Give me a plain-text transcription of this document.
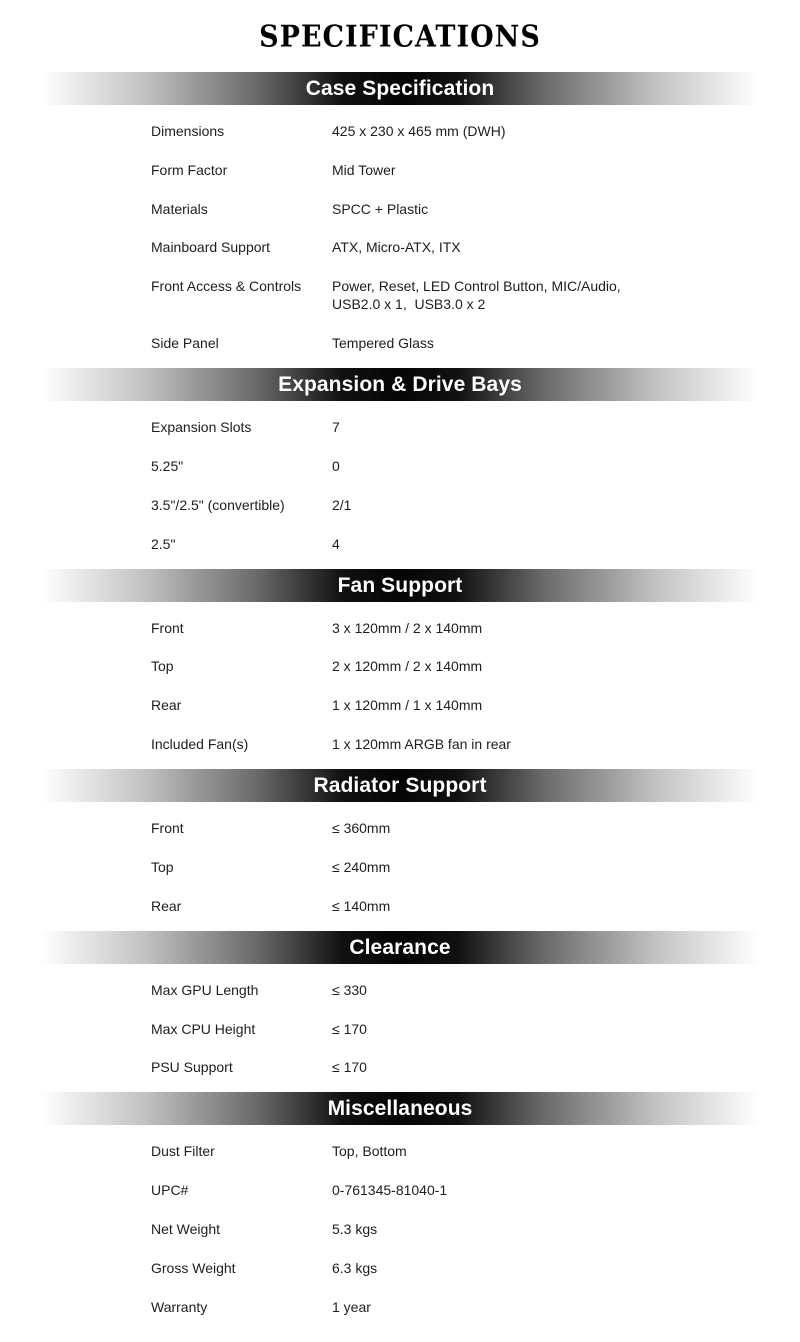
SPECIFICATIONS
Case Specification
Dimensions	425 x 230 x 465 mm (DWH)
Form Factor	Mid Tower
Materials	SPCC + Plastic
Mainboard Support	ATX, Micro-ATX, ITX
Front Access & Controls	Power, Reset, LED Control Button, MIC/Audio,
USB2.0 x 1,  USB3.0 x 2
Side Panel	Tempered Glass
Expansion & Drive Bays
Expansion Slots	7
5.25"	0
3.5"/2.5" (convertible)	2/1
2.5"	4
Fan Support
Front	3 x 120mm / 2 x 140mm
Top	2 x 120mm / 2 x 140mm
Rear	1 x 120mm / 1 x 140mm
Included Fan(s)	1 x 120mm ARGB fan in rear
Radiator Support
Front	≤ 360mm
Top	≤ 240mm
Rear	≤ 140mm
Clearance
Max GPU Length	≤ 330
Max CPU Height	≤ 170
PSU Support	≤ 170
Miscellaneous
Dust Filter	Top, Bottom
UPC#	0-761345-81040-1
Net Weight	5.3 kgs
Gross Weight	6.3 kgs
Warranty	1 year
